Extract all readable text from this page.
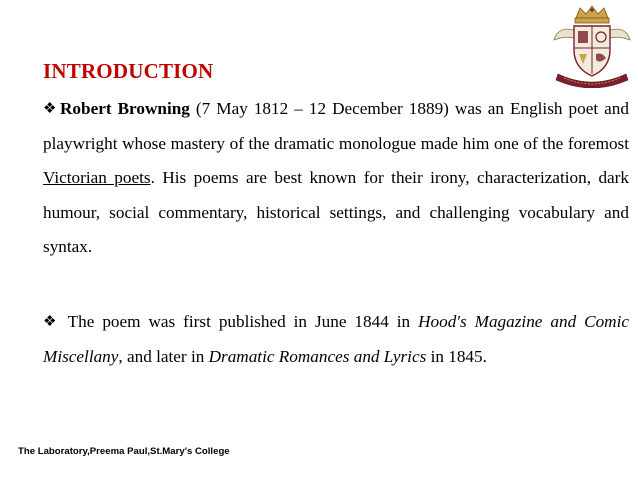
INTRODUCTION
❖ Robert Browning (7 May 1812 – 12 December 1889) was an English poet and playwright whose mastery of the dramatic monologue made him one of the foremost Victorian poets. His poems are best known for their irony, characterization, dark humour, social commentary, historical settings, and challenging vocabulary and syntax.
❖ The poem was first published in June 1844 in Hood's Magazine and Comic Miscellany, and later in Dramatic Romances and Lyrics in 1845.
The Laboratory,Preema Paul,St.Mary's College
